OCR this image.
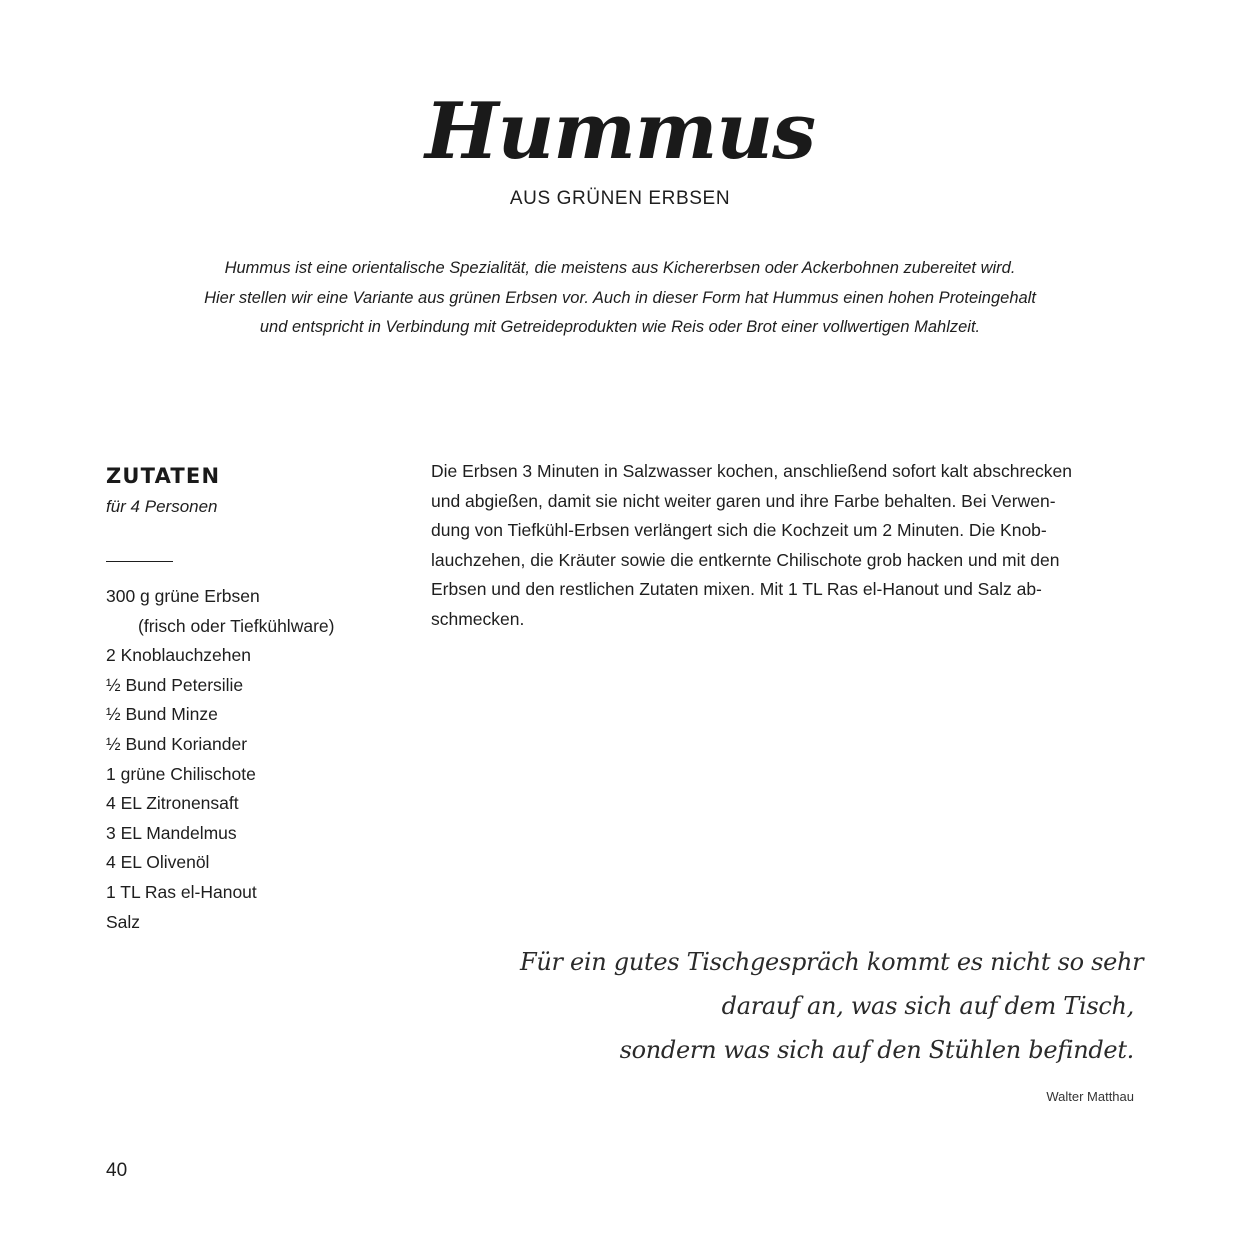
Hummus
AUS GRÜNEN ERBSEN
Hummus ist eine orientalische Spezialität, die meistens aus Kichererbsen oder Ackerbohnen zubereitet wird.
Hier stellen wir eine Variante aus grünen Erbsen vor. Auch in dieser Form hat Hummus einen hohen Proteingehalt
und entspricht in Verbindung mit Getreideprodukten wie Reis oder Brot einer vollwertigen Mahlzeit.
ZUTATEN
für 4 Personen
300 g grüne Erbsen
(frisch oder Tiefkühlware)
2 Knoblauchzehen
½ Bund Petersilie
½ Bund Minze
½ Bund Koriander
1 grüne Chilischote
4 EL Zitronensaft
3 EL Mandelmus
4 EL Olivenöl
1 TL Ras el-Hanout
Salz
Die Erbsen 3 Minuten in Salzwasser kochen, anschließend sofort kalt abschrecken
und abgießen, damit sie nicht weiter garen und ihre Farbe behalten. Bei Verwen-
dung von Tiefkühl-Erbsen verlängert sich die Kochzeit um 2 Minuten. Die Knob-
lauchzehen, die Kräuter sowie die entkernte Chilischote grob hacken und mit den
Erbsen und den restlichen Zutaten mixen. Mit 1 TL Ras el-Hanout und Salz ab-
schmecken.
Für ein gutes Tischgespräch kommt es nicht so sehr
darauf an, was sich auf dem Tisch,
sondern was sich auf den Stühlen befindet.
Walter Matthau
40
